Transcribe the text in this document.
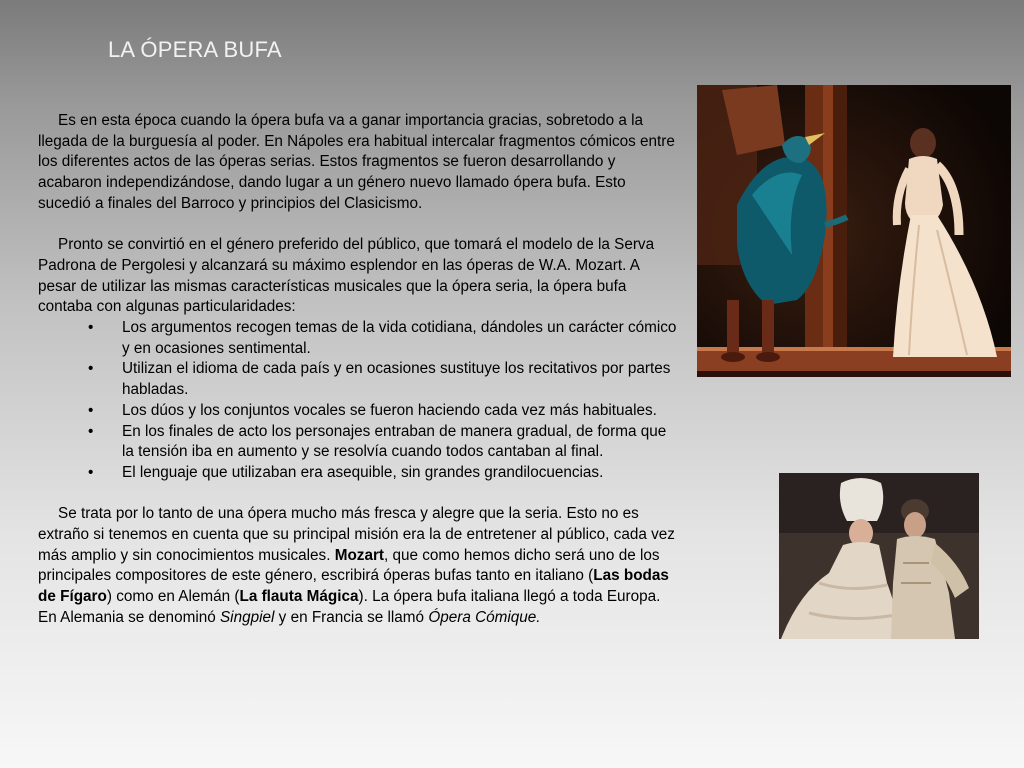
LA ÓPERA BUFA

Es en esta época cuando la ópera bufa va a ganar importancia gracias, sobretodo a la llegada de la burguesía al poder. En Nápoles era habitual intercalar fragmentos cómicos entre los diferentes actos de las óperas serias. Estos fragmentos se fueron desarrollando y acabaron independizándose, dando lugar a un género nuevo llamado ópera bufa. Esto sucedió a finales del Barroco y principios del Clasicismo.

Pronto se convirtió en el género preferido del público, que tomará el modelo de la Serva Padrona de Pergolesi y alcanzará su máximo esplendor en las óperas de W.A. Mozart. A pesar de utilizar las mismas características musicales que la ópera seria, la ópera bufa contaba con algunas particularidades:

• Los argumentos recogen temas de la vida cotidiana, dándoles un carácter cómico y en ocasiones sentimental.
• Utilizan el idioma de cada país y en ocasiones sustituye los recitativos por partes habladas.
• Los dúos y los conjuntos vocales se fueron haciendo cada vez más habituales.
• En los finales de acto los personajes entraban de manera gradual, de forma que la tensión iba en aumento y se resolvía cuando todos cantaban al final.
• El lenguaje que utilizaban era asequible, sin grandes grandilocuencias.

Se trata por lo tanto de una ópera mucho más fresca y alegre que la seria. Esto no es extraño si tenemos en cuenta que su principal misión era la de entretener al público, cada vez más amplio y sin conocimientos musicales. Mozart, que como hemos dicho será uno de los principales compositores de este género, escribirá óperas bufas tanto en italiano (Las bodas de Fígaro) como en Alemán (La flauta Mágica). La ópera bufa italiana llegó a toda Europa. En Alemania se denominó Singpiel y en Francia se llamó Ópera Cómique.
